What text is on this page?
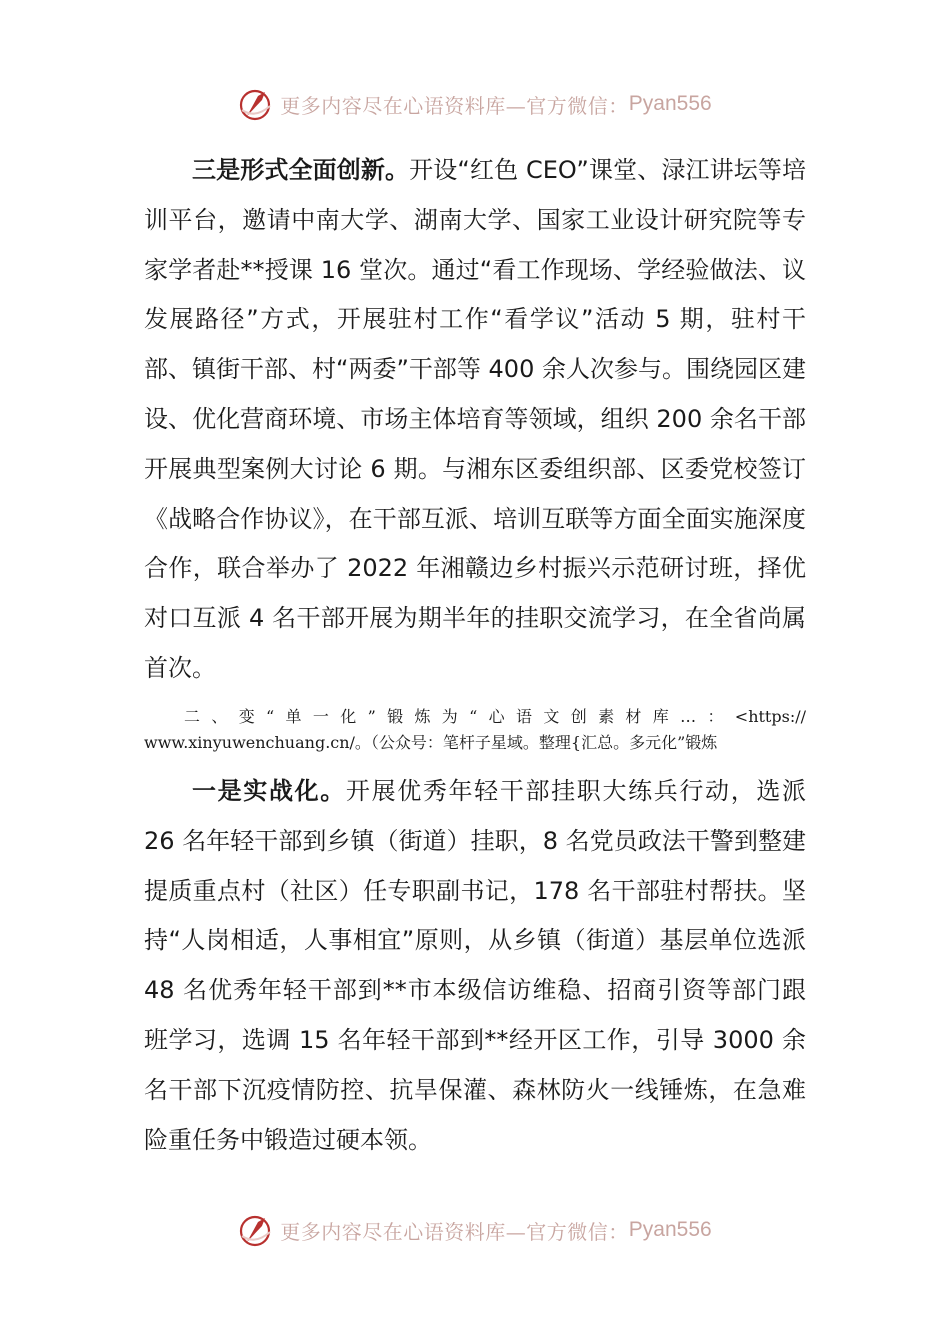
更多内容尽在心语资料库—官方微信： Pyan556

三是形式全面创新。开设“红色 CEO”课堂、渌江讲坛等培训平台，邀请中南大学、湖南大学、国家工业设计研究院等专家学者赴**授课 16 堂次。通过“看工作现场、学经验做法、议发展路径”方式，开展驻村工作“看学议”活动 5 期，驻村干部、镇街干部、村“两委”干部等 400 余人次参与。围绕园区建设、优化营商环境、市场主体培育等领域，组织 200 余名干部开展典型案例大讨论 6 期。与湘东区委组织部、区委党校签订《战略合作协议》，在干部互派、培训互联等方面全面实施深度合作，联合举办了 2022 年湘赣边乡村振兴示范研讨班，择优对口互派 4 名干部开展为期半年的挂职交流学习，在全省尚属首次。

二、变“单一化”锻炼为“心语文创素材库…：<https://
www.xinyuwenchuang.cn/。（公众号：笔杆子星域。整理{汇总。多元化”锻炼

一是实战化。开展优秀年轻干部挂职大练兵行动，选派 26 名年轻干部到乡镇（街道）挂职，8 名党员政法干警到整建提质重点村（社区）任专职副书记，178 名干部驻村帮扶。坚持“人岗相适，人事相宜”原则，从乡镇（街道）基层单位选派 48 名优秀年轻干部到**市本级信访维稳、招商引资等部门跟班学习，选调 15 名年轻干部到**经开区工作，引导 3000 余名干部下沉疫情防控、抗旱保灌、森林防火一线锤炼，在急难险重任务中锻造过硬本领。

更多内容尽在心语资料库—官方微信： Pyan556
